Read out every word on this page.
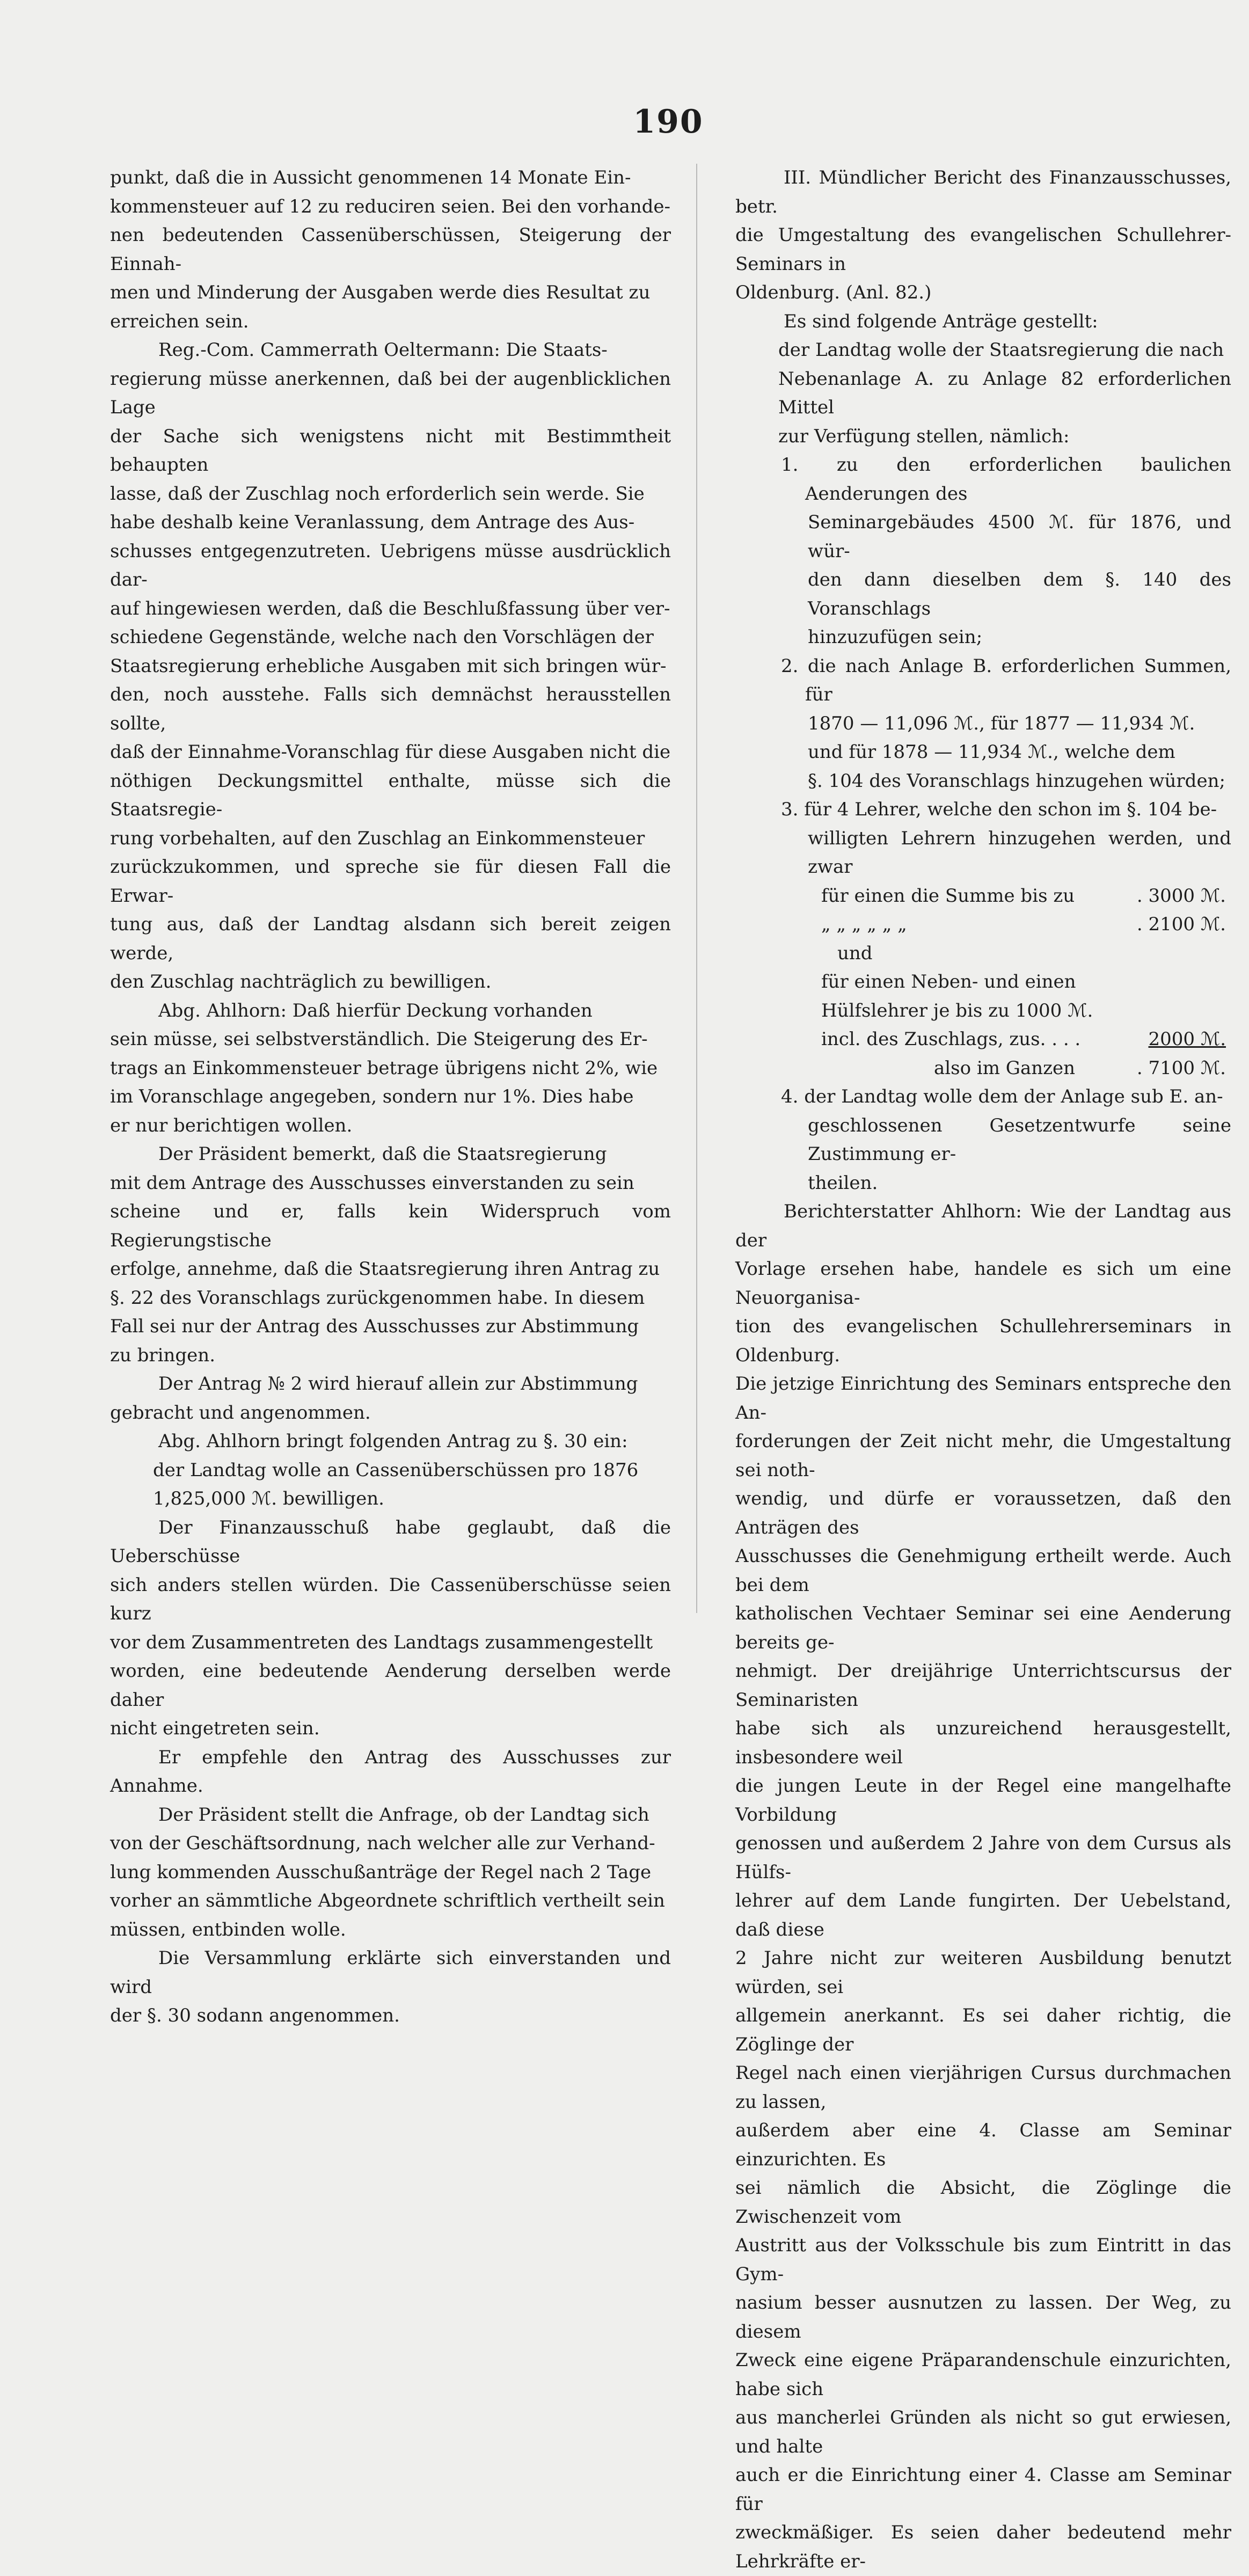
190

punkt, daß die in Aussicht genommenen 14 Monate Ein-

kommensteuer auf 12 zu reduciren seien. Bei den vorhande-

nen bedeutenden Cassenüberschüssen, Steigerung der Einnah-

men und Minderung der Ausgaben werde dies Resultat zu

erreichen sein.

Reg.-Com. Cammerrath Oeltermann: Die Staats-

regierung müsse anerkennen, daß bei der augenblicklichen Lage

der Sache sich wenigstens nicht mit Bestimmtheit behaupten

lasse, daß der Zuschlag noch erforderlich sein werde. Sie

habe deshalb keine Veranlassung, dem Antrage des Aus-

schusses entgegenzutreten. Uebrigens müsse ausdrücklich dar-

auf hingewiesen werden, daß die Beschlußfassung über ver-

schiedene Gegenstände, welche nach den Vorschlägen der

Staatsregierung erhebliche Ausgaben mit sich bringen wür-

den, noch ausstehe. Falls sich demnächst herausstellen sollte,

daß der Einnahme-Voranschlag für diese Ausgaben nicht die

nöthigen Deckungsmittel enthalte, müsse sich die Staatsregie-

rung vorbehalten, auf den Zuschlag an Einkommensteuer

zurückzukommen, und spreche sie für diesen Fall die Erwar-

tung aus, daß der Landtag alsdann sich bereit zeigen werde,

den Zuschlag nachträglich zu bewilligen.

Abg. Ahlhorn: Daß hierfür Deckung vorhanden

sein müsse, sei selbstverständlich. Die Steigerung des Er-

trags an Einkommensteuer betrage übrigens nicht 2%, wie

im Voranschlage angegeben, sondern nur 1%. Dies habe

er nur berichtigen wollen.

Der Präsident bemerkt, daß die Staatsregierung

mit dem Antrage des Ausschusses einverstanden zu sein

scheine und er, falls kein Widerspruch vom Regierungstische

erfolge, annehme, daß die Staatsregierung ihren Antrag zu

§. 22 des Voranschlags zurückgenommen habe. In diesem

Fall sei nur der Antrag des Ausschusses zur Abstimmung

zu bringen.

Der Antrag № 2 wird hierauf allein zur Abstimmung

gebracht und angenommen.

Abg. Ahlhorn bringt folgenden Antrag zu §. 30 ein:

der Landtag wolle an Cassenüberschüssen pro 1876

1,825,000 ℳ. bewilligen.

Der Finanzausschuß habe geglaubt, daß die Ueberschüsse

sich anders stellen würden. Die Cassenüberschüsse seien kurz

vor dem Zusammentreten des Landtags zusammengestellt

worden, eine bedeutende Aenderung derselben werde daher

nicht eingetreten sein.

Er empfehle den Antrag des Ausschusses zur Annahme.

Der Präsident stellt die Anfrage, ob der Landtag sich

von der Geschäftsordnung, nach welcher alle zur Verhand-

lung kommenden Ausschußanträge der Regel nach 2 Tage

vorher an sämmtliche Abgeordnete schriftlich vertheilt sein

müssen, entbinden wolle.

Die Versammlung erklärte sich einverstanden und wird

der §. 30 sodann angenommen.

III. Mündlicher Bericht des Finanzausschusses, betr.

die Umgestaltung des evangelischen Schullehrer-Seminars in

Oldenburg. (Anl. 82.)

Es sind folgende Anträge gestellt:

der Landtag wolle der Staatsregierung die nach

Nebenanlage A. zu Anlage 82 erforderlichen Mittel

zur Verfügung stellen, nämlich:

1. zu den erforderlichen baulichen Aenderungen des

Seminargebäudes 4500 ℳ. für 1876, und wür-

den dann dieselben dem §. 140 des Voranschlags

hinzuzufügen sein;

2. die nach Anlage B. erforderlichen Summen, für

1870 — 11,096 ℳ., für 1877 — 11,934 ℳ.

und für 1878 — 11,934 ℳ., welche dem

§. 104 des Voranschlags hinzugehen würden;

3. für 4 Lehrer, welche den schon im §. 104 be-

willigten Lehrern hinzugehen werden, und zwar

für einen die Summe bis zu	. 3000 ℳ.

„ „ „ „ „ „	. 2100 ℳ.

und

für einen Neben- und einen

Hülfslehrer je bis zu 1000 ℳ.

incl. des Zuschlags, zus. . . .	2000 ℳ.

also im Ganzen	. 7100 ℳ.

4. der Landtag wolle dem der Anlage sub E. an-

geschlossenen Gesetzentwurfe seine Zustimmung er-

theilen.

Berichterstatter Ahlhorn: Wie der Landtag aus der

Vorlage ersehen habe, handele es sich um eine Neuorganisa-

tion des evangelischen Schullehrerseminars in Oldenburg.

Die jetzige Einrichtung des Seminars entspreche den An-

forderungen der Zeit nicht mehr, die Umgestaltung sei noth-

wendig, und dürfe er voraussetzen, daß den Anträgen des

Ausschusses die Genehmigung ertheilt werde. Auch bei dem

katholischen Vechtaer Seminar sei eine Aenderung bereits ge-

nehmigt. Der dreijährige Unterrichtscursus der Seminaristen

habe sich als unzureichend herausgestellt, insbesondere weil

die jungen Leute in der Regel eine mangelhafte Vorbildung

genossen und außerdem 2 Jahre von dem Cursus als Hülfs-

lehrer auf dem Lande fungirten. Der Uebelstand, daß diese

2 Jahre nicht zur weiteren Ausbildung benutzt würden, sei

allgemein anerkannt. Es sei daher richtig, die Zöglinge der

Regel nach einen vierjährigen Cursus durchmachen zu lassen,

außerdem aber eine 4. Classe am Seminar einzurichten. Es

sei nämlich die Absicht, die Zöglinge die Zwischenzeit vom

Austritt aus der Volksschule bis zum Eintritt in das Gym-

nasium besser ausnutzen zu lassen. Der Weg, zu diesem

Zweck eine eigene Präparandenschule einzurichten, habe sich

aus mancherlei Gründen als nicht so gut erwiesen, und halte

auch er die Einrichtung einer 4. Classe am Seminar für

zweckmäßiger. Es seien daher bedeutend mehr Lehrkräfte er-
